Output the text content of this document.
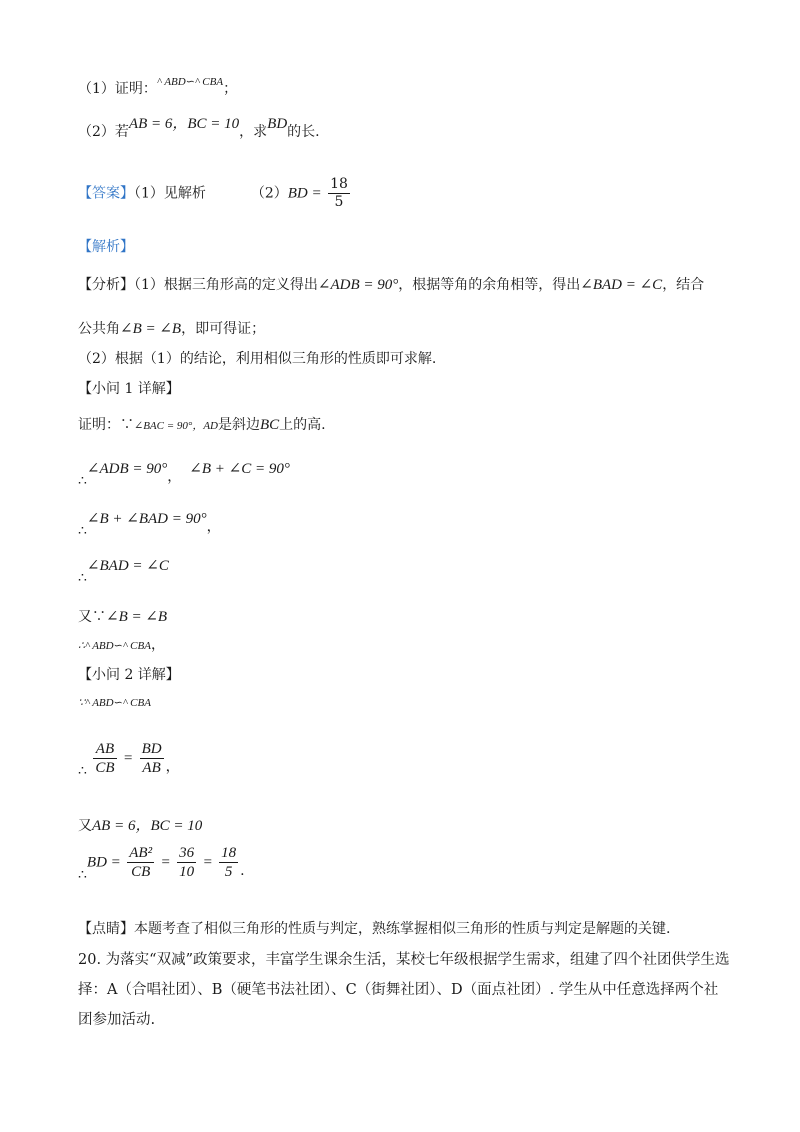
（1）证明：$^{\^{} ABD∽\^{} CBA}$；
（2）若AB = 6，BC = 10，求BD的长.
【答案】（1）见解析	$(2)BD = \frac{18}{5}$
【解析】
【分析】（1）根据三角形高的定义得出∠ADB = 90°，根据等角的余角相等，得出∠BAD = ∠C，结合
公共角∠B = ∠B，即可得证；
（2）根据（1）的结论，利用相似三角形的性质即可求解.
【小问 1 详解】
证明：∵∠BAC = 90°，AD是斜边BC上的高.
∴∠ADB = 90°， ∠B + ∠C = 90°
∴∠B + ∠BAD = 90°，
∴∠BAD = ∠C
又∵∠B = ∠B
∴^ ABD∽^ CBA，
【小问 2 详解】
∵^ ABD∽^ CBA
∴ $\frac{AB}{CB} = \frac{BD}{AB}$ ，
又AB = 6，BC = 10
∴BD = $\frac{\text{AB²}}{CB} = \frac{36}{10} = \frac{18}{5}$ .
【点睛】本题考查了相似三角形的性质与判定，熟练掌握相似三角形的性质与判定是解题的关键.
20. 为落实“双减”政策要求，丰富学生课余生活，某校七年级根据学生需求，组建了四个社团供学生选
择：A（合唱社团）、B（硬笔书法社团）、C（街舞社团）、D（面点社团）. 学生从中任意选择两个社
团参加活动.
